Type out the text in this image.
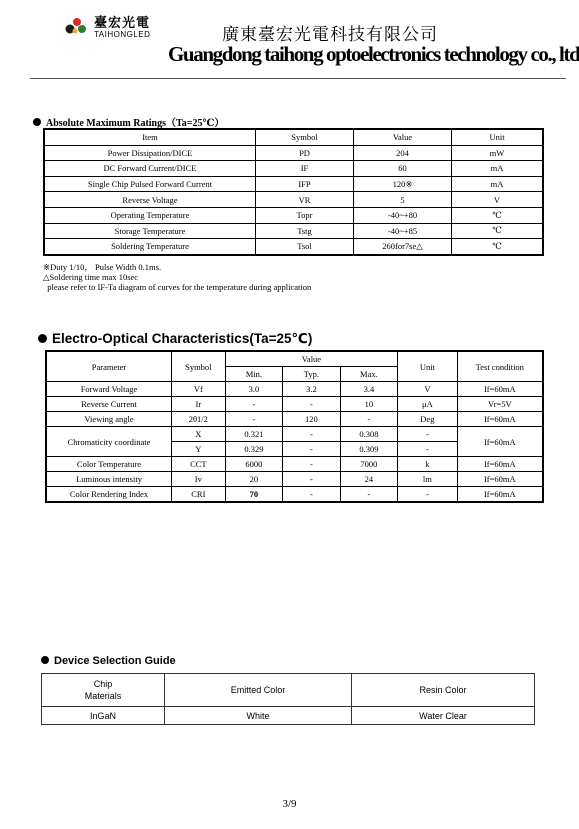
臺宏光電
TAIHONGLED	廣東臺宏光電科技有限公司
Guangdong taihong optoelectronics technology co., ltd
Absolute Maximum Ratings（Ta=25℃）
Item	Symbol	Value	Unit
Power Dissipation/DICE	PD	204	mW
DC Forward Current/DICE	IF	60	mA
Single Chip Pulsed Forward Current	IFP	120※	mA
Reverse Voltage	VR	5	V
Operating Temperature	Topr	-40~+80	℃
Storage Temperature	Tstg	-40~+85	℃
Soldering Temperature	Tsol	260for7se△	℃
※Duty 1/10， Pulse Width 0.1ms.
△Soldering time max 10sec
please refer to IF-Ta diagram of curves for the temperature during application
Electro-Optical Characteristics(Ta=25℃)
Parameter	Symbol	Value			Unit	Test condition
		Min.	Typ.	Max.		
Forward Voltage	Vf	3.0	3.2	3.4	V	If=60mA
Reverse Current	Ir	-	-	10	μA	Vr=5V
Viewing angle	2θ1/2	-	120	-	Deg	If=60mA
Chromaticity coordinate	X	0.321	-	0.308	-	If=60mA
	Y	0.329	-	0.309	-	
Color Temperature	CCT	6000	-	7000	k	If=60mA
Luminous intensity	Iv	20	-	24	lm	If=60mA
Color Rendering Index	CRI	70	-	-	-	If=60mA
Device Selection Guide
Chip
Materials	Emitted Color	Resin Color
InGaN	White	Water Clear
3/9
